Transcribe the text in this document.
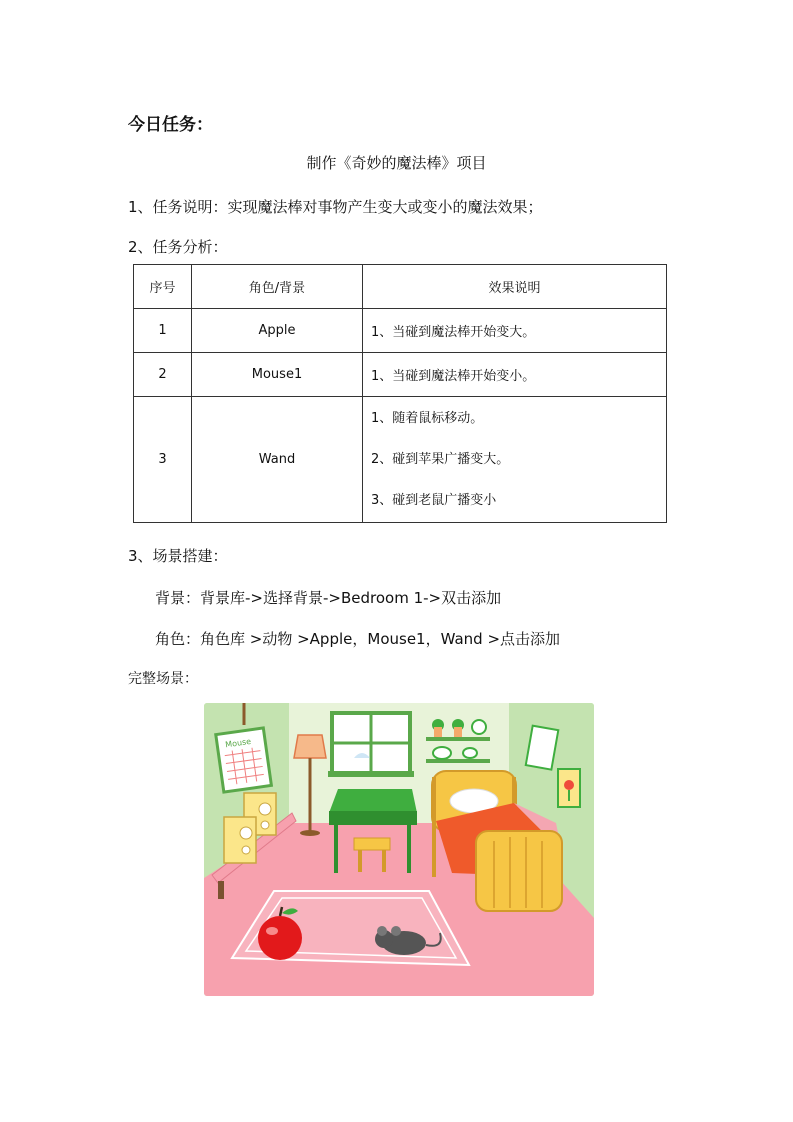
今日任务：
制作《奇妙的魔法棒》项目
1、任务说明：实现魔法棒对事物产生变大或变小的魔法效果；
2、任务分析：
序号	角色/背景	效果说明
1	Apple	1、当碰到魔法棒开始变大。
2	Mouse1	1、当碰到魔法棒开始变小。
3	Wand	1、随着鼠标移动。
2、碰到苹果广播变大。
3、碰到老鼠广播变小
3、场景搭建：
背景：背景库->选择背景->Bedroom 1->双击添加
角色：角色库 >动物 >Apple，Mouse1，Wand >点击添加
完整场景：
Mouse
